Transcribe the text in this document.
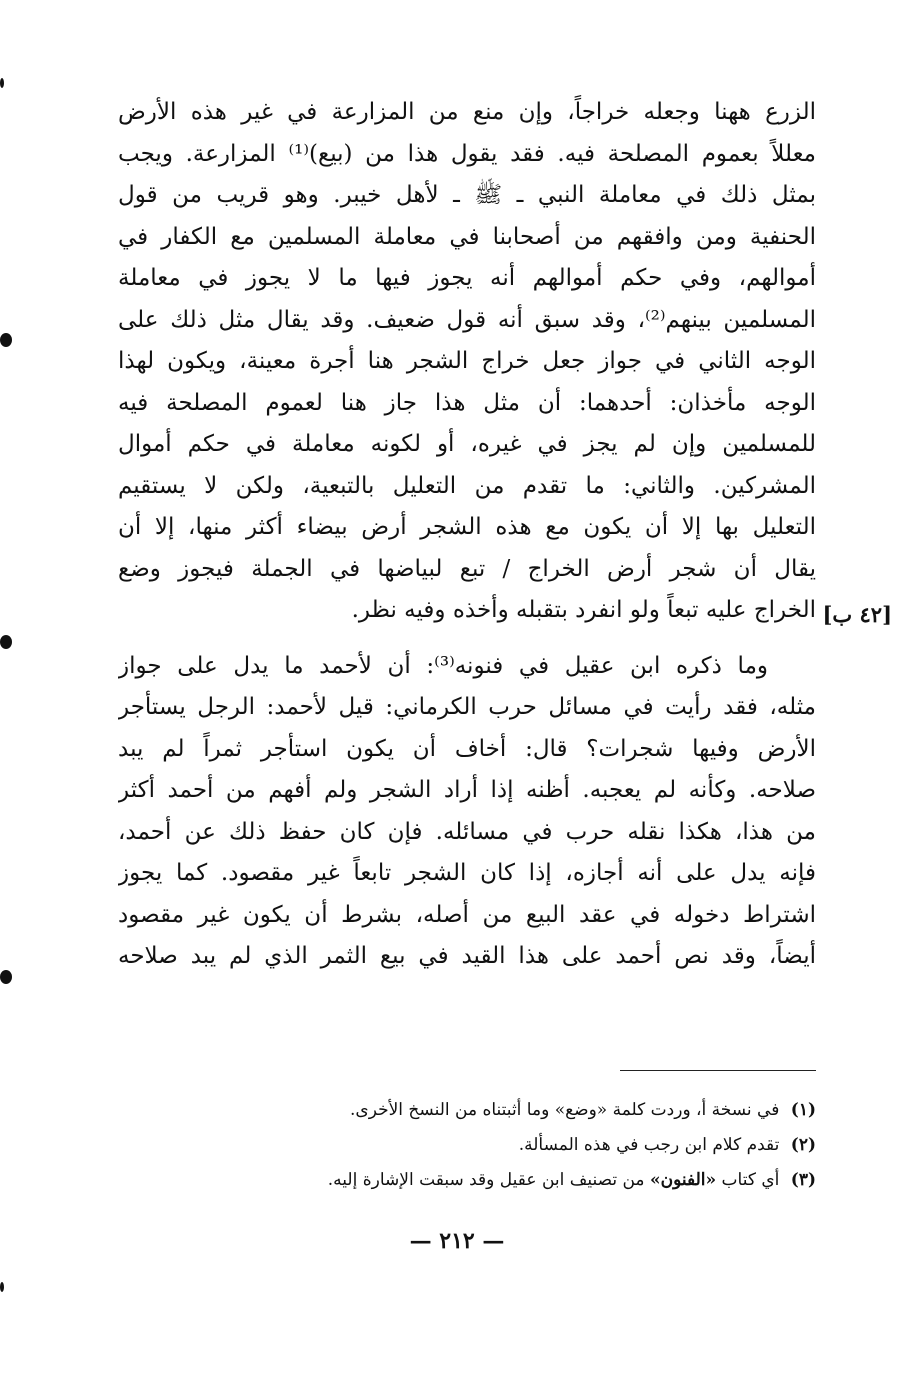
الزرع ههنا وجعله خراجاً، وإن منع من المزارعة في غير هذه الأرض
معللاً بعموم المصلحة فيه. فقد يقول هذا من (بيع)⁽¹⁾ المزارعة. ويجب
بمثل ذلك في معاملة النبي ـ ﷺ ـ لأهل خيبر. وهو قريب من قول
الحنفية ومن وافقهم من أصحابنا في معاملة المسلمين مع الكفار في
أموالهم، وفي حكم أموالهم أنه يجوز فيها ما لا يجوز في معاملة
المسلمين بينهم⁽²⁾، وقد سبق أنه قول ضعيف. وقد يقال مثل ذلك على
الوجه الثاني في جواز جعل خراج الشجر هنا أجرة معينة، ويكون لهذا
الوجه مأخذان: أحدهما: أن مثل هذا جاز هنا لعموم المصلحة فيه
للمسلمين وإن لم يجز في غيره، أو لكونه معاملة في حكم أموال
المشركين. والثاني: ما تقدم من التعليل بالتبعية، ولكن لا يستقيم
التعليل بها إلا أن يكون مع هذه الشجر أرض بيضاء أكثر منها، إلا أن
يقال أن شجر أرض الخراج / تبع لبياضها في الجملة فيجوز وضع
الخراج عليه تبعاً ولو انفرد بتقبله وأخذه وفيه نظر.
وما ذكره ابن عقيل في فنونه⁽³⁾: أن لأحمد ما يدل على جواز
مثله، فقد رأيت في مسائل حرب الكرماني: قيل لأحمد: الرجل يستأجر
الأرض وفيها شجرات؟ قال: أخاف أن يكون استأجر ثمراً لم يبد
صلاحه. وكأنه لم يعجبه. أظنه إذا أراد الشجر ولم أفهم من أحمد أكثر
من هذا، هكذا نقله حرب في مسائله. فإن كان حفظ ذلك عن أحمد،
فإنه يدل على أنه أجازه، إذا كان الشجر تابعاً غير مقصود. كما يجوز
اشتراط دخوله في عقد البيع من أصله، بشرط أن يكون غير مقصود
أيضاً، وقد نص أحمد على هذا القيد في بيع الثمر الذي لم يبد صلاحه
[٤٢ ب]
(١) في نسخة أ، وردت كلمة «وضع» وما أثبتناه من النسخ الأخرى.
(٢) تقدم كلام ابن رجب في هذه المسألة.
(٣) أي كتاب «الفنون» من تصنيف ابن عقيل وقد سبقت الإشارة إليه.
— ٢١٢ —
